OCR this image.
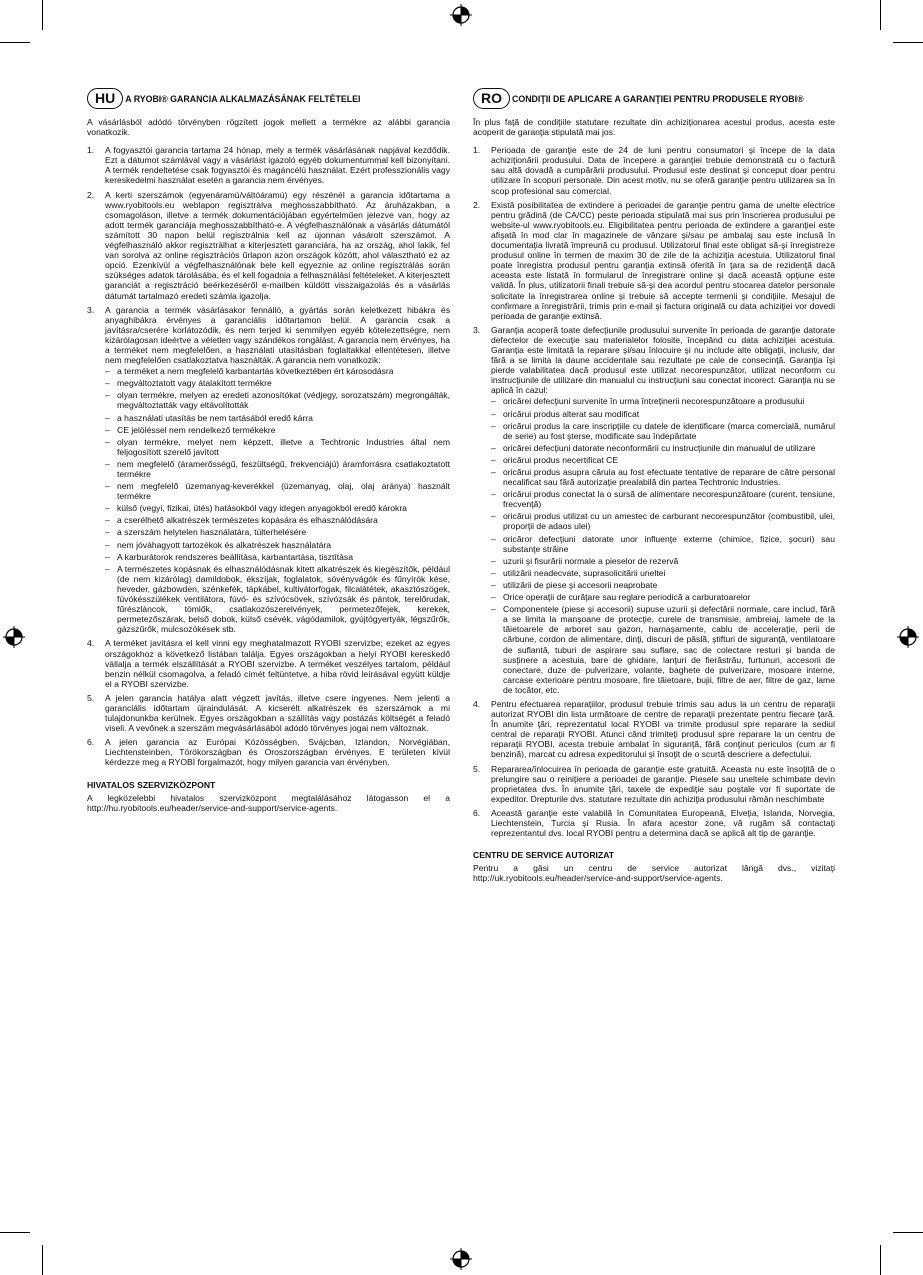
HU	A RYOBI® GARANCIA ALKALMAZÁSÁNAK FELTÉTELEI

A vásárlásból adódó törvényben rögzített jogok mellett a termékre az alábbi garancia vonatkozik.

1. A fogyasztói garancia tartama 24 hónap, mely a termék vásárlásának napjával kezdődik. Ezt a dátumot számlával vagy a vásárlást igazoló egyéb dokumentummal kell bizonyítani. A termék rendeltetése csak fogyasztói és magáncélú használat. Ezért professzionális vagy kereskedelmi használat esetén a garancia nem érvényes.
2. A kerti szerszámok (egyenáramú/váltóáramú) egy részénél a garancia időtartama a www.ryobitools.eu weblapon regisztrálva meghosszabbítható. Az áruházakban, a csomagoláson, illetve a termék dokumentációjában egyértelműen jelezve van, hogy az adott termék garanciája meghosszabbítható-e. A végfelhasználónak a vásárlás dátumától számított 30 napon belül regisztrálnia kell az újonnan vásárolt szerszámot. A végfelhasználó akkor regisztrálhat a kiterjesztett garanciára, ha az ország, ahol lakik, fel van sorolva az online regisztrációs űrlapon azon országok között, ahol választható ez az opció. Ezenkívül a végfelhasználónak bele kell egyeznie az online regisztrálás során szükséges adatok tárolásába, és el kell fogadnia a felhasználási feltételeket. A kiterjesztett garanciát a regisztráció beérkezéséről e-mailben küldött visszaigazolás és a vásárlás dátumát tartalmazó eredeti számla igazolja.
3. A garancia a termék vásárlásakor fennálló, a gyártás során keletkezett hibákra és anyaghibákra érvényes a garanciális időtartamon belül. A garancia csak a javításra/cserére korlátozódik, és nem terjed ki semmilyen egyéb kötelezettségre, nem kizárólagosan ideértve a véletlen vagy szándékos rongálást. A garancia nem érvényes, ha a terméket nem megfelelően, a használati utasításban foglaltakkal ellentétesen, illetve nem megfelelően csatlakoztatva használták. A garancia nem vonatkozik:
– a terméket a nem megfelelő karbantartás következtében ért károsodásra
– megváltoztatott vagy átalakított termékre
– olyan termékre, melyen az eredeti azonosítókat (védjegy, sorozatszám) megrongálták, megváltoztatták vagy eltávolították
– a használati utasítás be nem tartásából eredő kárra
– CE jelöléssel nem rendelkező termékekre
– olyan termékre, melyet nem képzett, illetve a Techtronic Industries által nem feljogosított szerelő javított
– nem megfelelő (áramerősségű, feszültségű, frekvenciájú) áramforrásra csatlakoztatott termékre
– nem megfelelő üzemanyag-keverékkel (üzemanyag, olaj, olaj aránya) használt termékre
– külső (vegyi, fizikai, ütés) hatásokból vagy idegen anyagokból eredő károkra
– a cserélhető alkatrészek természetes kopására és elhasználódására
– a szerszám helytelen használatára, túlterhelésére
– nem jóváhagyott tartozékok és alkatrészek használatára
– A karburátorok rendszeres beállítása, karbantartása, tisztítása
– A természetes kopásnak és elhasználódásnak kitett alkatrészek és kiegészítők, például (de nem kizárólag) damildobok, ékszíjak, foglalatok, sövényvágók és fűnyírók kése, heveder, gázbowden, szénkefék, tápkábel, kultivátorfogak, filcalátétek, akasztószögek, fúvókésszülékek ventilátora, fúvó- és szívócsövek, szívózsák és pántok, terelőrudak, fűrészláncok, tömlők, csatlakozószerelvények, permetezőfejek, kerekek, permetezőszárak, belső dobok, külső csévék, vágódamilok, gyújtógyertyák, légszűrők, gázszűrők, mulcsozókések stb.
4. A terméket javításra el kell vinni egy meghatalmazott RYOBI szervizbe; ezeket az egyes országokhoz a következő listában találja. Egyes országokban a helyi RYOBI kereskedő vállalja a termék elszállítását a RYOBI szervizbe. A terméket veszélyes tartalom, például benzin nélkül csomagolva, a feladó címét feltüntetve, a hiba rövid leírásával együtt küldje el a RYOBI szervizbe.
5. A jelen garancia hatálya alatt végzett javítás, illetve csere ingyenes. Nem jelenti a garanciális időtartam újraindulását. A kicserélt alkatrészek és szerszámok a mi tulajdonunkba kerülnek. Egyes országokban a szállítás vagy postázás költségét a feladó viseli. A vevőnek a szerszám megvásárlásából adódó törvényes jogai nem változnak.
6. A jelen garancia az Európai Közösségben, Svájcban, Izlandon, Norvégiában, Liechtensteinben, Törökországban és Oroszországban érvényes. E területen kívül kérdezze meg a RYOBI forgalmazót, hogy milyen garancia van érvényben.
HIVATALOS SZERVIZKÖZPONT

A legközelebbi hivatalos szervizközpont megtalálásához látogasson el a http://hu.ryobitools.eu/header/service-and-support/service-agents.

RO	CONDIŢII DE APLICARE A GARANŢIEI PENTRU PRODUSELE RYOBI®

În plus faţă de condiţiile statutare rezultate din achiziţionarea acestui produs, acesta este acoperit de garanţia stipulată mai jos.

1. Perioada de garanţie este de 24 de luni pentru consumatori şi începe de la data achiziţionării produsului. Data de începere a garanţiei trebuie demonstrată cu o factură sau altă dovadă a cumpărării produsului. Produsul este destinat şi conceput doar pentru utilizare în scopuri personale. Din acest motiv, nu se oferă garanţie pentru utilizarea sa în scop profesional sau comercial.
2. Există posibilitatea de extindere a perioadei de garanţie pentru gama de unelte electrice pentru grădină (de CA/CC) peste perioada stipulată mai sus prin înscrierea produsului pe website-ul www.ryobitools.eu. Eligibilitatea pentru perioada de extindere a garanţiei este afişată în mod clar în magazinele de vânzare şi/sau pe ambalaj sau este inclusă în documentaţia livrată împreună cu produsul. Utilizatorul final este obligat să-şi înregistreze produsul online în termen de maxim 30 de zile de la achiziţia acestuia. Utilizatorul final poate înregistra produsul pentru garanţia extinsă oferită în ţara sa de rezidenţă dacă aceasta este listată în formularul de înregistrare online şi dacă această opţiune este validă. În plus, utilizatorii finali trebuie să-şi dea acordul pentru stocarea datelor personale solicitate la înregistrarea online şi trebuie să accepte termenii şi condiţiile. Mesajul de confirmare a înregistrării, trimis prin e-mail şi factura originală cu data achiziţiei vor dovedi perioada de garanţie extinsă.
3. Garanţia acoperă toate defecţiunile produsului survenite în perioada de garanţie datorate defectelor de execuţie sau materialelor folosite, începând cu data achiziţiei acestuia. Garanţia este limitată la reparare şi/sau înlocuire şi nu include alte obligaţii, inclusiv, dar fără a se limita la daune accidentale sau rezultate pe cale de consecinţă. Garanţia îşi pierde valabilitatea dacă produsul este utilizat necorespunzător, utilizat neconform cu instrucţiunile de utilizare din manualul cu instrucţiuni sau conectat incorect. Garanţia nu se aplică în cazul:
– oricărei defecţiuni survenite în urma întreţinerii necorespunzătoare a produsului
– oricărui produs alterat sau modificat
– oricărui produs la care inscripţiile cu datele de identificare (marca comercială, numărul de serie) au fost şterse, modificate sau îndepărtate
– oricărei defecţiuni datorate neconformării cu instrucţiunile din manualul de utilizare
– oricărui produs necertificat CE
– oricărui produs asupra căruia au fost efectuate tentative de reparare de către personal necalificat sau fără autorizaţie prealabilă din partea Techtronic Industries.
– oricărui produs conectat la o sursă de alimentare necorespunzătoare (curent, tensiune, frecvenţă)
– oricărui produs utilizat cu un amestec de carburant necorespunzător (combustibil, ulei, proporţii de adaos ulei)
– oricăror defecţiuni datorate unor influenţe externe (chimice, fizice, şocuri) sau substanţe străine
– uzurii şi fisurării normale a pieselor de rezervă
– utilizării neadecvate, suprasolicitării uneltei
– utilizării de piese şi accesorii neaprobate
– Orice operaţii de curăţare sau reglare periodică a carburatoarelor
– Componentele (piese şi accesorii) supuse uzurii şi defectării normale, care includ, fără a se limita la manşoane de protecţie, curele de transmisie, ambreiaj, lamele de la tăietoarele de arboret sau gazon, harnaşamente, cablu de acceleraţie, perii de cărbune, cordon de alimentare, dinţi, discuri de pâslă, ştifturi de siguranţă, ventilatoare de suflantă, tuburi de aspirare sau suflare, sac de colectare resturi şi banda de susţinere a acestuia, bare de ghidare, lanţuri de fierăstrău, furtunuri, accesorii de conectare, duze de pulverizare, volante, baghete de pulverizare, mosoare interne, carcase exterioare pentru mosoare, fire tăietoare, bujii, filtre de aer, filtre de gaz, lame de tocător, etc.
4. Pentru efectuarea reparaţiilor, produsul trebuie trimis sau adus la un centru de reparaţii autorizat RYOBI din lista următoare de centre de reparaţii prezentate pentru fiecare ţară. În anumite ţări, reprezentatul local RYOBI va trimite produsul spre reparare la sediul central de reparaţii RYOBI. Atunci când trimiteţi produsul spre reparare la un centru de reparaţii RYOBI, acesta trebuie ambalat în siguranţă, fără conţinut periculos (cum ar fi benzină), marcat cu adresa expeditorului şi însoţit de o scurtă descriere a defectului.
5. Repararea/înlocuirea în perioada de garanţie este gratuită. Aceasta nu este însoţită de o prelungire sau o reiniţiere a perioadei de garanţie. Piesele sau uneltele schimbate devin proprietatea dvs. În anumite ţări, taxele de expediţie sau poştale vor fi suportate de expeditor. Drepturile dvs. statutare rezultate din achiziţia produsului rămân neschimbate
6. Această garanţie este valabilă în Comunitatea Europeană, Elveţia, Islanda, Norvegia, Liechtenstein, Turcia şi Rusia. În afara acestor zone, vă rugăm să contactaţi reprezentantul dvs. local RYOBI pentru a determina dacă se aplică alt tip de garanţie.
CENTRU DE SERVICE AUTORIZAT

Pentru a găsi un centru de service autorizat lângă dvs., vizitaţi http://uk.ryobitools.eu/header/service-and-support/service-agents.
